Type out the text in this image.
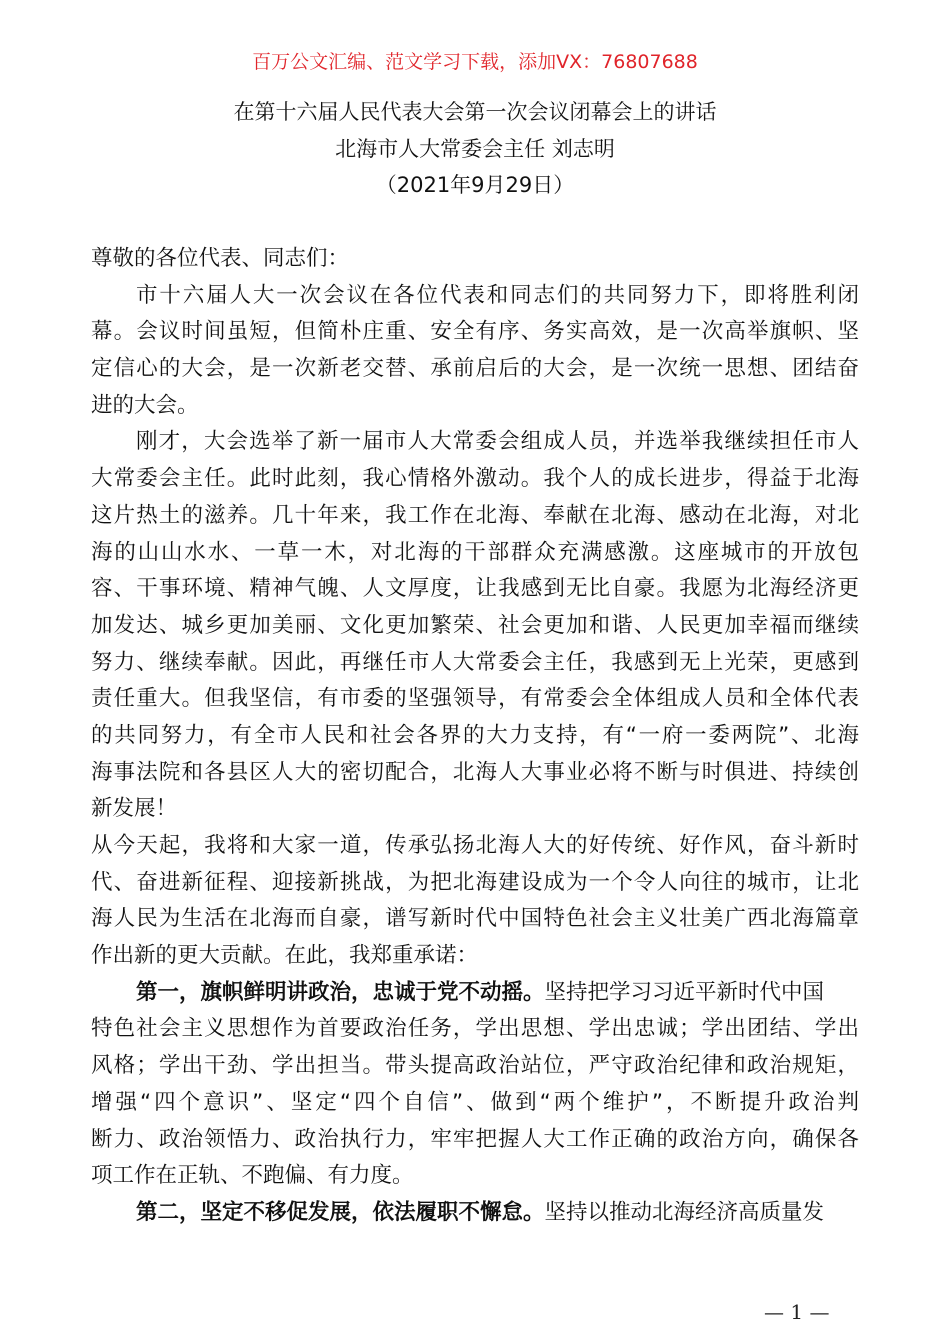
百万公文汇编、范文学习下载，添加VX：76807688
在第十六届人民代表大会第一次会议闭幕会上的讲话
北海市人大常委会主任 刘志明
（2021年9月29日）
尊敬的各位代表、同志们：
市十六届人大一次会议在各位代表和同志们的共同努力下，即将胜利闭
幕。会议时间虽短，但简朴庄重、安全有序、务实高效，是一次高举旗帜、坚
定信心的大会，是一次新老交替、承前启后的大会，是一次统一思想、团结奋
进的大会。
刚才，大会选举了新一届市人大常委会组成人员，并选举我继续担任市人
大常委会主任。此时此刻，我心情格外激动。我个人的成长进步，得益于北海
这片热土的滋养。几十年来，我工作在北海、奉献在北海、感动在北海，对北
海的山山水水、一草一木，对北海的干部群众充满感激。这座城市的开放包
容、干事环境、精神气魄、人文厚度，让我感到无比自豪。我愿为北海经济更
加发达、城乡更加美丽、文化更加繁荣、社会更加和谐、人民更加幸福而继续
努力、继续奉献。因此，再继任市人大常委会主任，我感到无上光荣，更感到
责任重大。但我坚信，有市委的坚强领导，有常委会全体组成人员和全体代表
的共同努力，有全市人民和社会各界的大力支持，有“一府一委两院”、北海
海事法院和各县区人大的密切配合，北海人大事业必将不断与时俱进、持续创
新发展！
从今天起，我将和大家一道，传承弘扬北海人大的好传统、好作风，奋斗新时
代、奋进新征程、迎接新挑战，为把北海建设成为一个令人向往的城市，让北
海人民为生活在北海而自豪，谱写新时代中国特色社会主义壮美广西北海篇章
作出新的更大贡献。在此，我郑重承诺：
第一，旗帜鲜明讲政治，忠诚于党不动摇。坚持把学习习近平新时代中国
特色社会主义思想作为首要政治任务，学出思想、学出忠诚；学出团结、学出
风格；学出干劲、学出担当。带头提高政治站位，严守政治纪律和政治规矩，
增强“四个意识”、坚定“四个自信”、做到“两个维护”，不断提升政治判
断力、政治领悟力、政治执行力，牢牢把握人大工作正确的政治方向，确保各
项工作在正轨、不跑偏、有力度。
第二，坚定不移促发展，依法履职不懈怠。坚持以推动北海经济高质量发
— 1 —
